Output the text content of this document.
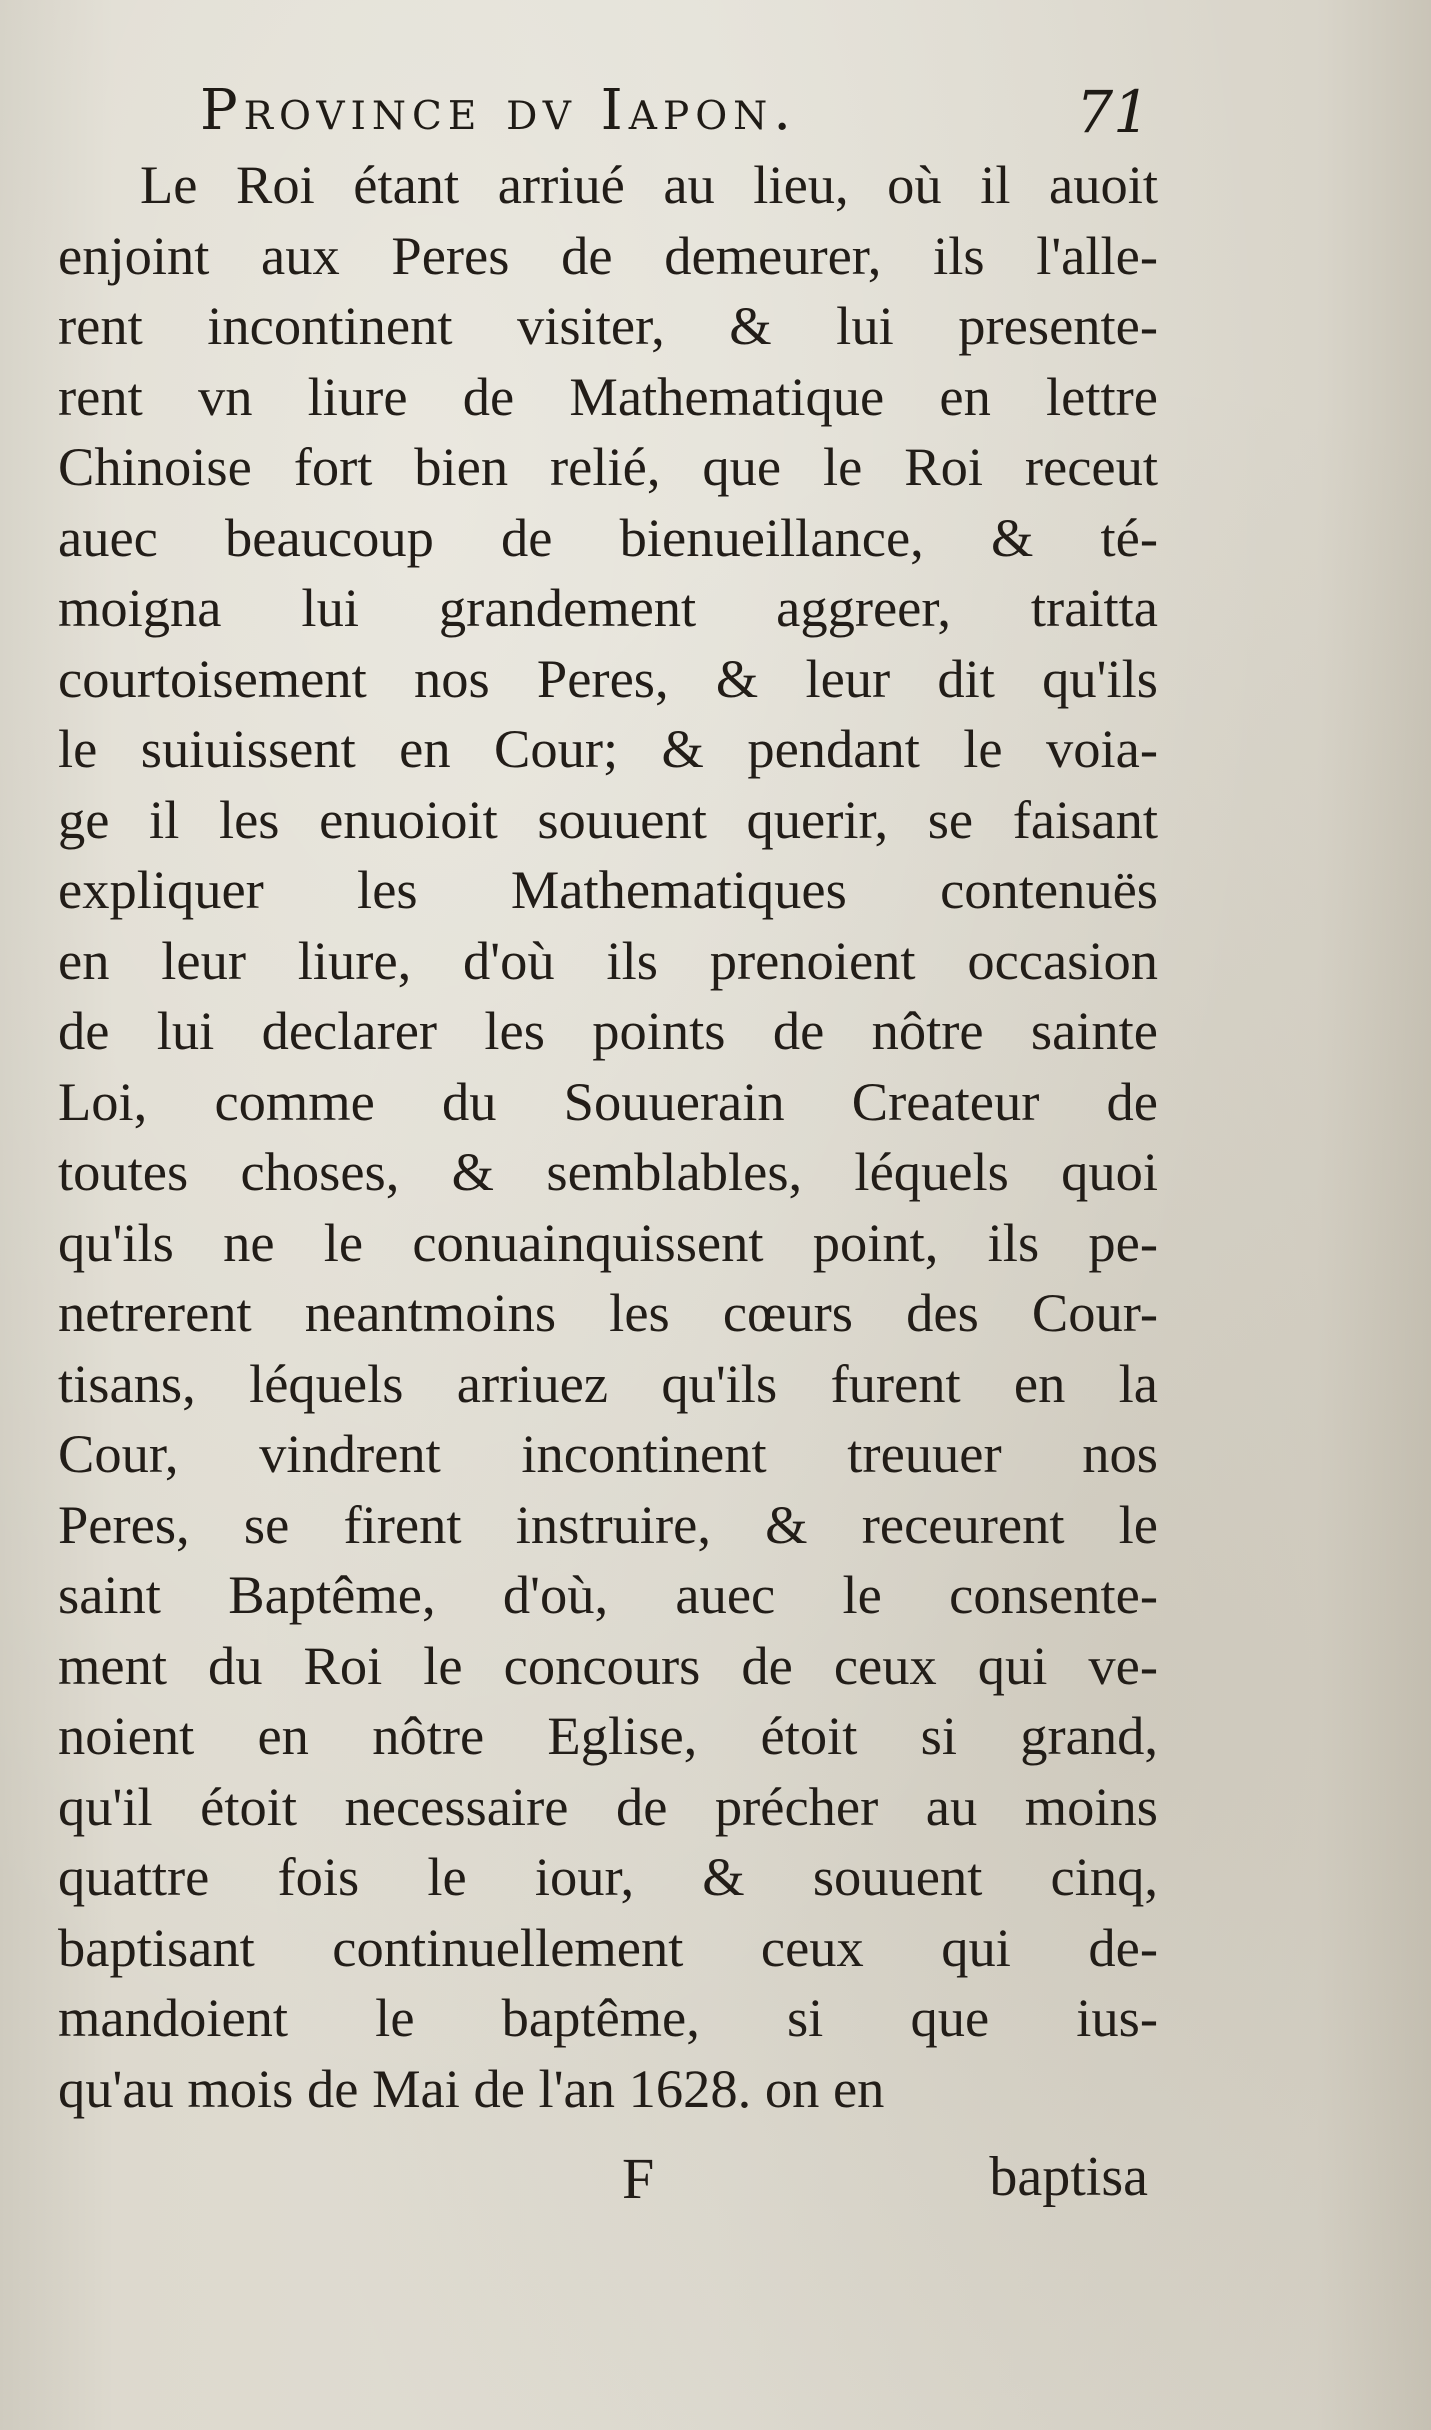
Province dv Iapon.	71
Le Roi étant arriué au lieu, où il auoit
enjoint aux Peres de demeurer, ils l'alle-
rent incontinent visiter, & lui presente-
rent vn liure de Mathematique en lettre
Chinoise fort bien relié, que le Roi receut
auec beaucoup de bienueillance, & té-
moigna lui grandement aggreer, traitta
courtoisement nos Peres, & leur dit qu'ils
le suiuissent en Cour; & pendant le voia-
ge il les enuoioit souuent querir, se faisant
expliquer les Mathematiques contenuës
en leur liure, d'où ils prenoient occasion
de lui declarer les points de nôtre sainte
Loi, comme du Souuerain Createur de
toutes choses, & semblables, léquels quoi
qu'ils ne le conuainquissent point, ils pe-
netrerent neantmoins les cœurs des Cour-
tisans, léquels arriuez qu'ils furent en la
Cour, vindrent incontinent treuuer nos
Peres, se firent instruire, & receurent le
saint Baptême, d'où, auec le consente-
ment du Roi le concours de ceux qui ve-
noient en nôtre Eglise, étoit si grand,
qu'il étoit necessaire de précher au moins
quattre fois le iour, & souuent cinq,
baptisant continuellement ceux qui de-
mandoient le baptême, si que ius-
qu'au mois de Mai de l'an 1628. on en
F	baptisa
